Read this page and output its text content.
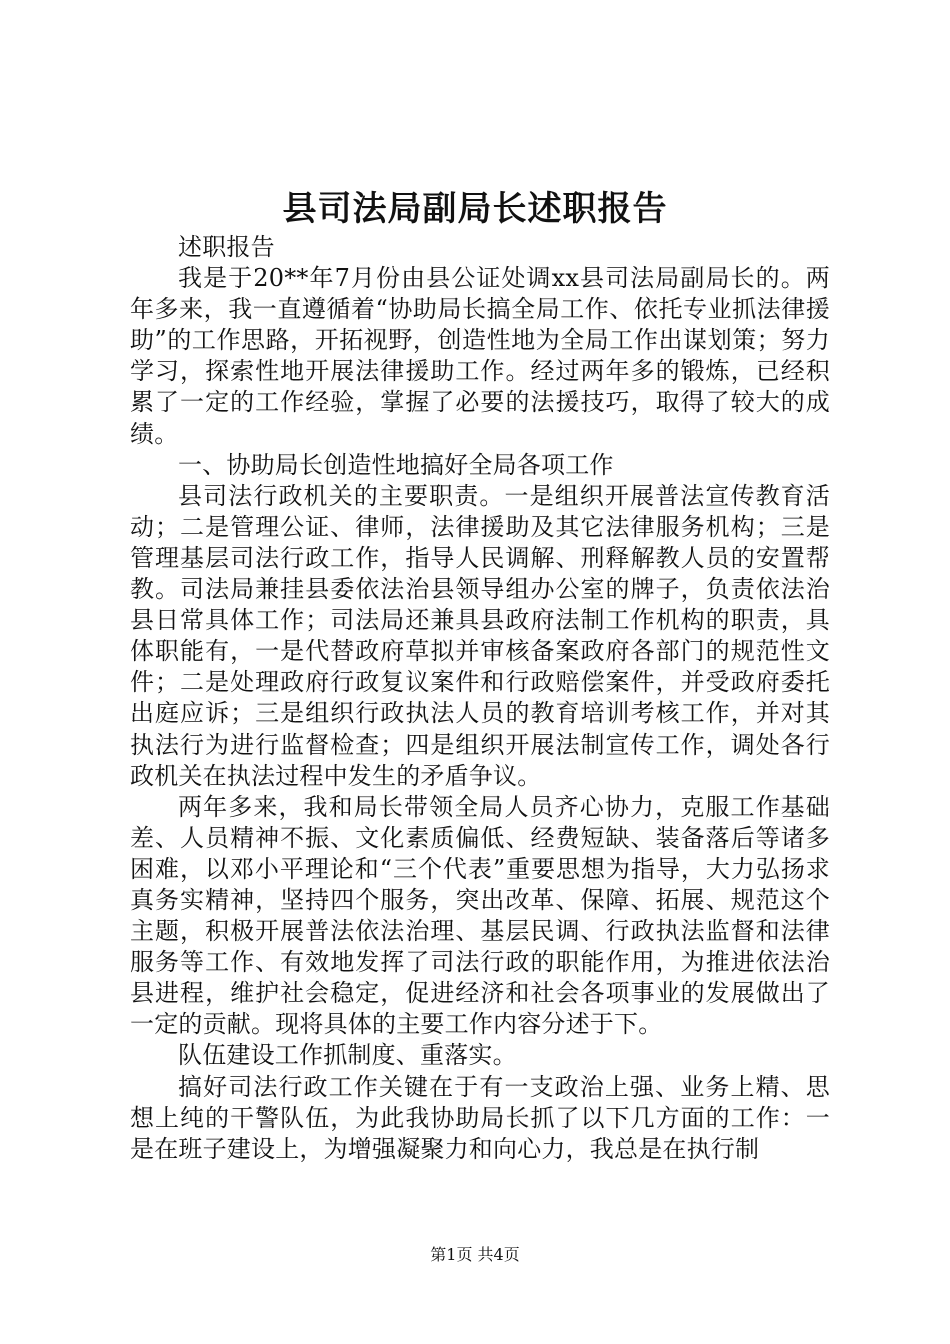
县司法局副局长述职报告

述职报告

我是于20**年7月份由县公证处调xx县司法局副局长的。两年多来，我一直遵循着“协助局长搞全局工作、依托专业抓法律援助”的工作思路，开拓视野，创造性地为全局工作出谋划策；努力学习，探索性地开展法律援助工作。经过两年多的锻炼，已经积累了一定的工作经验，掌握了必要的法援技巧，取得了较大的成绩。

一、协助局长创造性地搞好全局各项工作

县司法行政机关的主要职责。一是组织开展普法宣传教育活动；二是管理公证、律师，法律援助及其它法律服务机构；三是管理基层司法行政工作，指导人民调解、刑释解教人员的安置帮教。司法局兼挂县委依法治县领导组办公室的牌子，负责依法治县日常具体工作；司法局还兼具县政府法制工作机构的职责，具体职能有，一是代替政府草拟并审核备案政府各部门的规范性文件；二是处理政府行政复议案件和行政赔偿案件，并受政府委托出庭应诉；三是组织行政执法人员的教育培训考核工作，并对其执法行为进行监督检查；四是组织开展法制宣传工作，调处各行政机关在执法过程中发生的矛盾争议。

两年多来，我和局长带领全局人员齐心协力，克服工作基础差、人员精神不振、文化素质偏低、经费短缺、装备落后等诸多困难，以邓小平理论和“三个代表”重要思想为指导，大力弘扬求真务实精神，坚持四个服务，突出改革、保障、拓展、规范这个主题，积极开展普法依法治理、基层民调、行政执法监督和法律服务等工作、有效地发挥了司法行政的职能作用，为推进依法治县进程，维护社会稳定，促进经济和社会各项事业的发展做出了一定的贡献。现将具体的主要工作内容分述于下。

队伍建设工作抓制度、重落实。

搞好司法行政工作关键在于有一支政治上强、业务上精、思想上纯的干警队伍，为此我协助局长抓了以下几方面的工作：一是在班子建设上，为增强凝聚力和向心力，我总是在执行制

第1页 共4页
